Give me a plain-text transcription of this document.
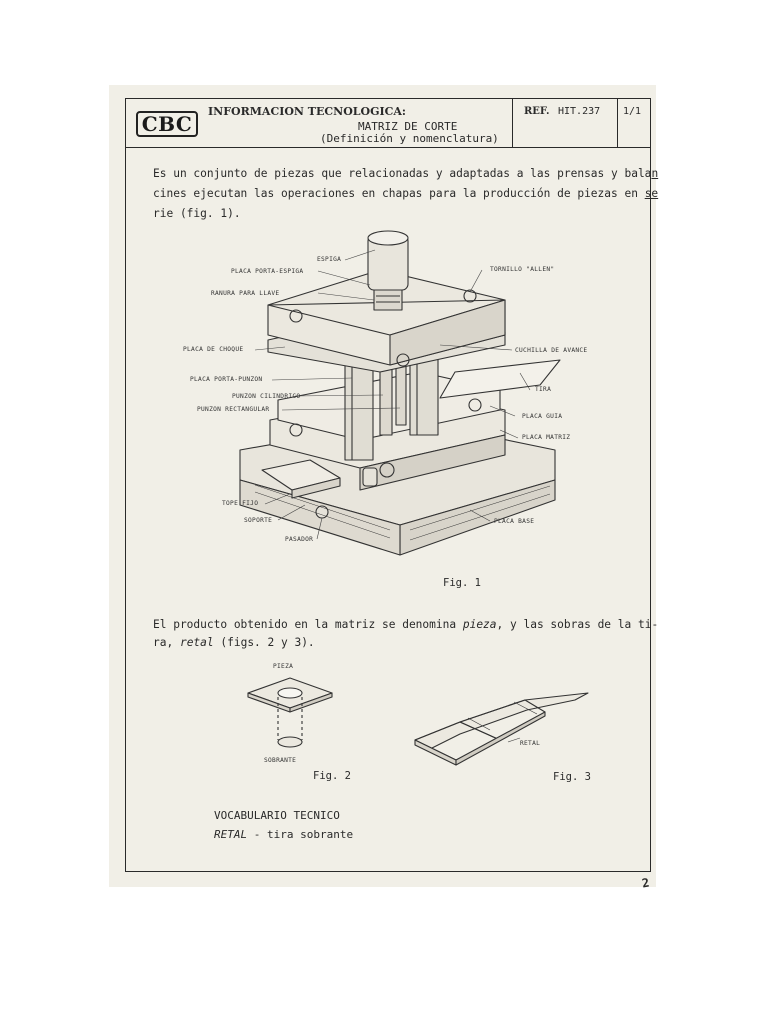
CBC
INFORMACION TECNOLOGICA:
MATRIZ DE CORTE
(Definición y nomenclatura)
REF. HIT.237 1/1
Es un conjunto de piezas que relacionadas y adaptadas a las prensas y balan
cines ejecutan las operaciones en chapas para la producción de piezas en se
rie (fig. 1).
ESPIGA
PLACA PORTA-ESPIGA
RANURA PARA LLAVE
TORNILLO "ALLEN"
PLACA DE CHOQUE	CUCHILLA DE AVANCE
PLACA PORTA-PUNZON
TIRA
PUNZON CILINDRICO
PUNZON RECTANGULAR
PLACA GUIA
PLACA MATRIZ
TOPE FIJO
SOPORTE
PASADOR
PLACA BASE
Fig. 1
El producto obtenido en la matriz se denomina pieza, y las sobras de la ti-
ra, retal (figs. 2 y 3).
PIEZA
SOBRANTE
RETAL
Fig. 2	Fig. 3
VOCABULARIO TECNICO
RETAL - tira sobrante
2
